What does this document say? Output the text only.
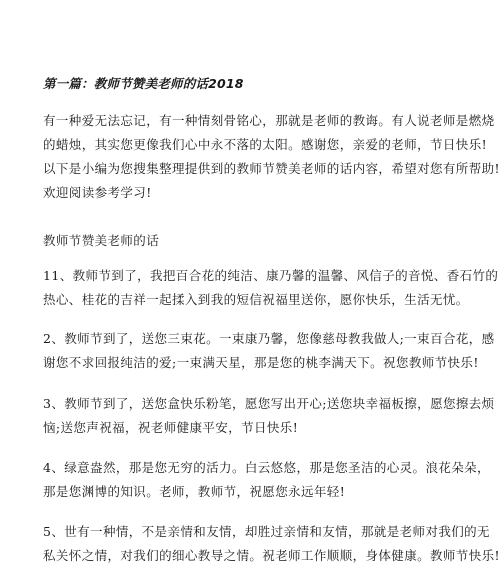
第一篇：教师节赞美老师的话2018
有一种爱无法忘记，有一种情刻骨铭心，那就是老师的教诲。有人说老师是燃烧
的蜡烛，其实您更像我们心中永不落的太阳。感谢您，亲爱的老师，节日快乐!
以下是小编为您搜集整理提供到的教师节赞美老师的话内容，希望对您有所帮助!
欢迎阅读参考学习!
教师节赞美老师的话
11、教师节到了，我把百合花的纯洁、康乃馨的温馨、风信子的音悦、香石竹的
热心、桂花的吉祥一起揉入到我的短信祝福里送你，愿你快乐，生活无忧。
2、教师节到了，送您三束花。一束康乃馨，您像慈母教我做人;一束百合花，感
谢您不求回报纯洁的爱;一束满天星，那是您的桃李满天下。祝您教师节快乐!
3、教师节到了，送您盒快乐粉笔，愿您写出开心;送您块幸福板擦，愿您擦去烦
恼;送您声祝福，祝老师健康平安，节日快乐!
4、绿意盎然，那是您无穷的活力。白云悠悠，那是您圣洁的心灵。浪花朵朵，
那是您渊博的知识。老师，教师节，祝愿您永远年轻!
5、世有一种情，不是亲情和友情，却胜过亲情和友情，那就是老师对我们的无
私关怀之情，对我们的细心教导之情。祝老师工作顺顺，身体健康。教师节快乐!
